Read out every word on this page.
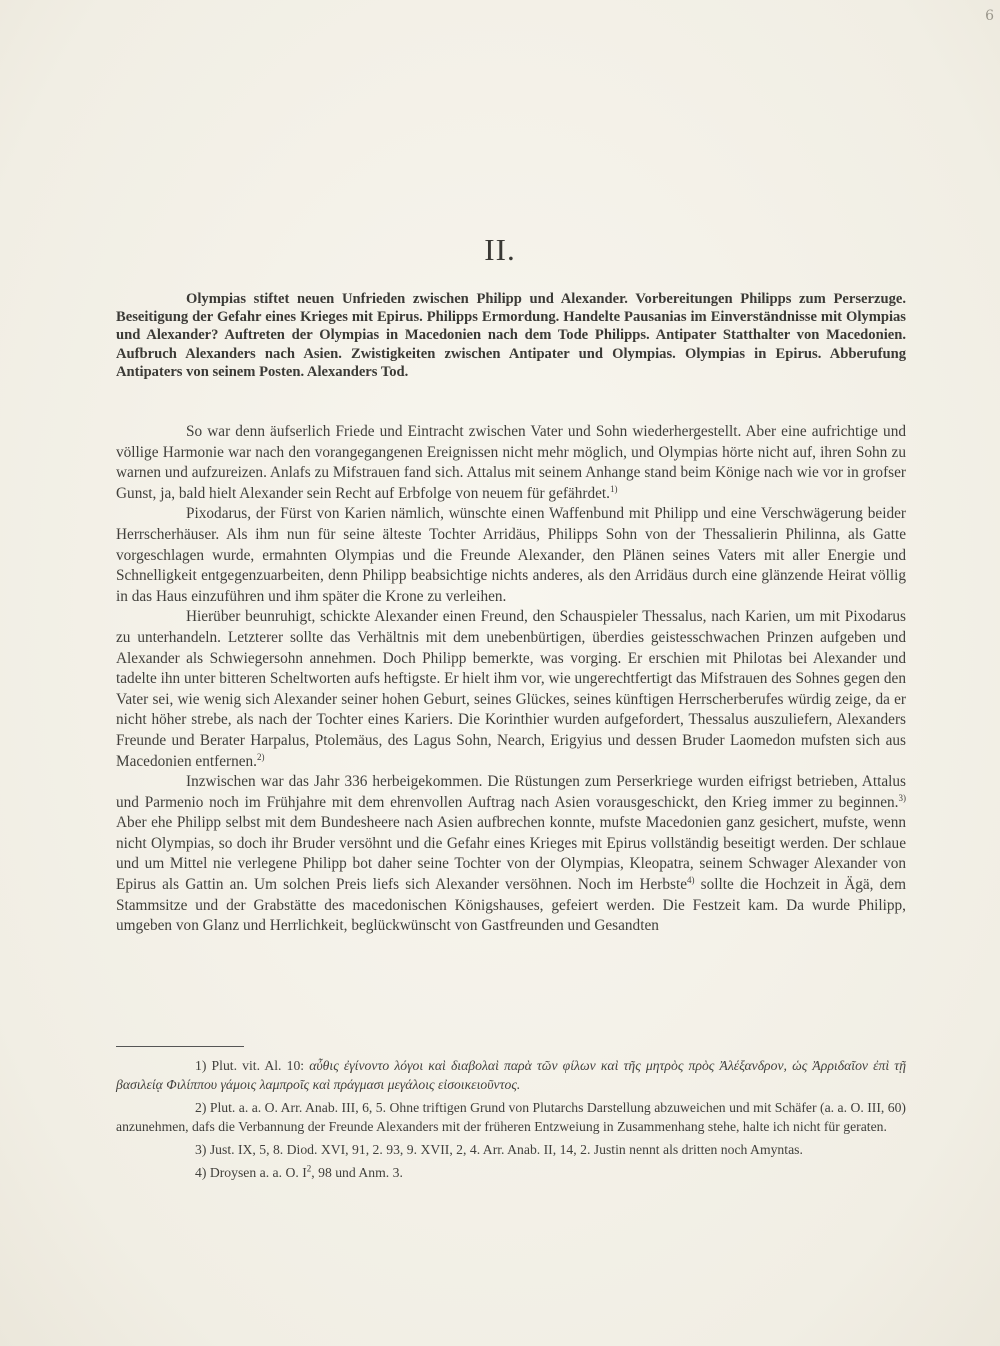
6
II.
Olympias stiftet neuen Unfrieden zwischen Philipp und Alexander. Vorbereitungen Philipps zum Perserzuge. Beseitigung der Gefahr eines Krieges mit Epirus. Philipps Ermordung. Handelte Pausanias im Einverständnisse mit Olympias und Alexander? Auftreten der Olympias in Macedonien nach dem Tode Philipps. Antipater Statthalter von Macedonien. Aufbruch Alexanders nach Asien. Zwistigkeiten zwischen Antipater und Olympias. Olympias in Epirus. Abberufung Antipaters von seinem Posten. Alexanders Tod.

So war denn äufserlich Friede und Eintracht zwischen Vater und Sohn wiederhergestellt. Aber eine aufrichtige und völlige Harmonie war nach den vorangegangenen Ereignissen nicht mehr möglich, und Olympias hörte nicht auf, ihren Sohn zu warnen und aufzureizen. Anlafs zu Mifstrauen fand sich. Attalus mit seinem Anhange stand beim Könige nach wie vor in grofser Gunst, ja, bald hielt Alexander sein Recht auf Erbfolge von neuem für gefährdet.$^{1)}$

Pixodarus, der Fürst von Karien nämlich, wünschte einen Waffenbund mit Philipp und eine Verschwägerung beider Herrscherhäuser. Als ihm nun für seine älteste Tochter Arridäus, Philipps Sohn von der Thessalierin Philinna, als Gatte vorgeschlagen wurde, ermahnten Olympias und die Freunde Alexander, den Plänen seines Vaters mit aller Energie und Schnelligkeit entgegenzuarbeiten, denn Philipp beabsichtige nichts anderes, als den Arridäus durch eine glänzende Heirat völlig in das Haus einzuführen und ihm später die Krone zu verleihen.

Hierüber beunruhigt, schickte Alexander einen Freund, den Schauspieler Thessalus, nach Karien, um mit Pixodarus zu unterhandeln. Letzterer sollte das Verhältnis mit dem unebenbürtigen, überdies geistesschwachen Prinzen aufgeben und Alexander als Schwiegersohn annehmen. Doch Philipp bemerkte, was vorging. Er erschien mit Philotas bei Alexander und tadelte ihn unter bitteren Scheltworten aufs heftigste. Er hielt ihm vor, wie ungerechtfertigt das Mifstrauen des Sohnes gegen den Vater sei, wie wenig sich Alexander seiner hohen Geburt, seines Glückes, seines künftigen Herrscherberufes würdig zeige, da er nicht höher strebe, als nach der Tochter eines Kariers. Die Korinthier wurden aufgefordert, Thessalus auszuliefern, Alexanders Freunde und Berater Harpalus, Ptolemäus, des Lagus Sohn, Nearch, Erigyius und dessen Bruder Laomedon mufsten sich aus Macedonien entfernen.$^{2)}$

Inzwischen war das Jahr 336 herbeigekommen. Die Rüstungen zum Perserkriege wurden eifrigst betrieben, Attalus und Parmenio noch im Frühjahre mit dem ehrenvollen Auftrag nach Asien vorausgeschickt, den Krieg immer zu beginnen.$^{3)}$ Aber ehe Philipp selbst mit dem Bundesheere nach Asien aufbrechen konnte, mufste Macedonien ganz gesichert, mufste, wenn nicht Olympias, so doch ihr Bruder versöhnt und die Gefahr eines Krieges mit Epirus vollständig beseitigt werden. Der schlaue und um Mittel nie verlegene Philipp bot daher seine Tochter von der Olympias, Kleopatra, seinem Schwager Alexander von Epirus als Gattin an. Um solchen Preis liefs sich Alexander versöhnen. Noch im Herbste$^{4)}$ sollte die Hochzeit in Ägä, dem Stammsitze und der Grabstätte des macedonischen Königshauses, gefeiert werden. Die Festzeit kam. Da wurde Philipp, umgeben von Glanz und Herrlichkeit, beglückwünscht von Gastfreunden und Gesandten

1) Plut. vit. Al. 10: αὖθις ἐγίνοντο λόγοι καὶ διαβολαὶ παρὰ τῶν φίλων καὶ τῆς μητρὸς πρὸς Ἀλέξανδρον, ὡς Ἀρριδαῖον ἐπὶ τῇ βασιλείᾳ Φιλίππου γάμοις λαμπροῖς καὶ πράγμασι μεγάλοις εἰσοικειοῦντος.

2) Plut. a. a. O. Arr. Anab. III, 6, 5. Ohne triftigen Grund von Plutarchs Darstellung abzuweichen und mit Schäfer (a. a. O. III, 60) anzunehmen, dafs die Verbannung der Freunde Alexanders mit der früheren Entzweiung in Zusammenhang stehe, halte ich nicht für geraten.

3) Just. IX, 5, 8. Diod. XVI, 91, 2. 93, 9. XVII, 2, 4. Arr. Anab. II, 14, 2. Justin nennt als dritten noch Amyntas.

4) Droysen a. a. O. $I^2$, 98 und Anm. 3.
